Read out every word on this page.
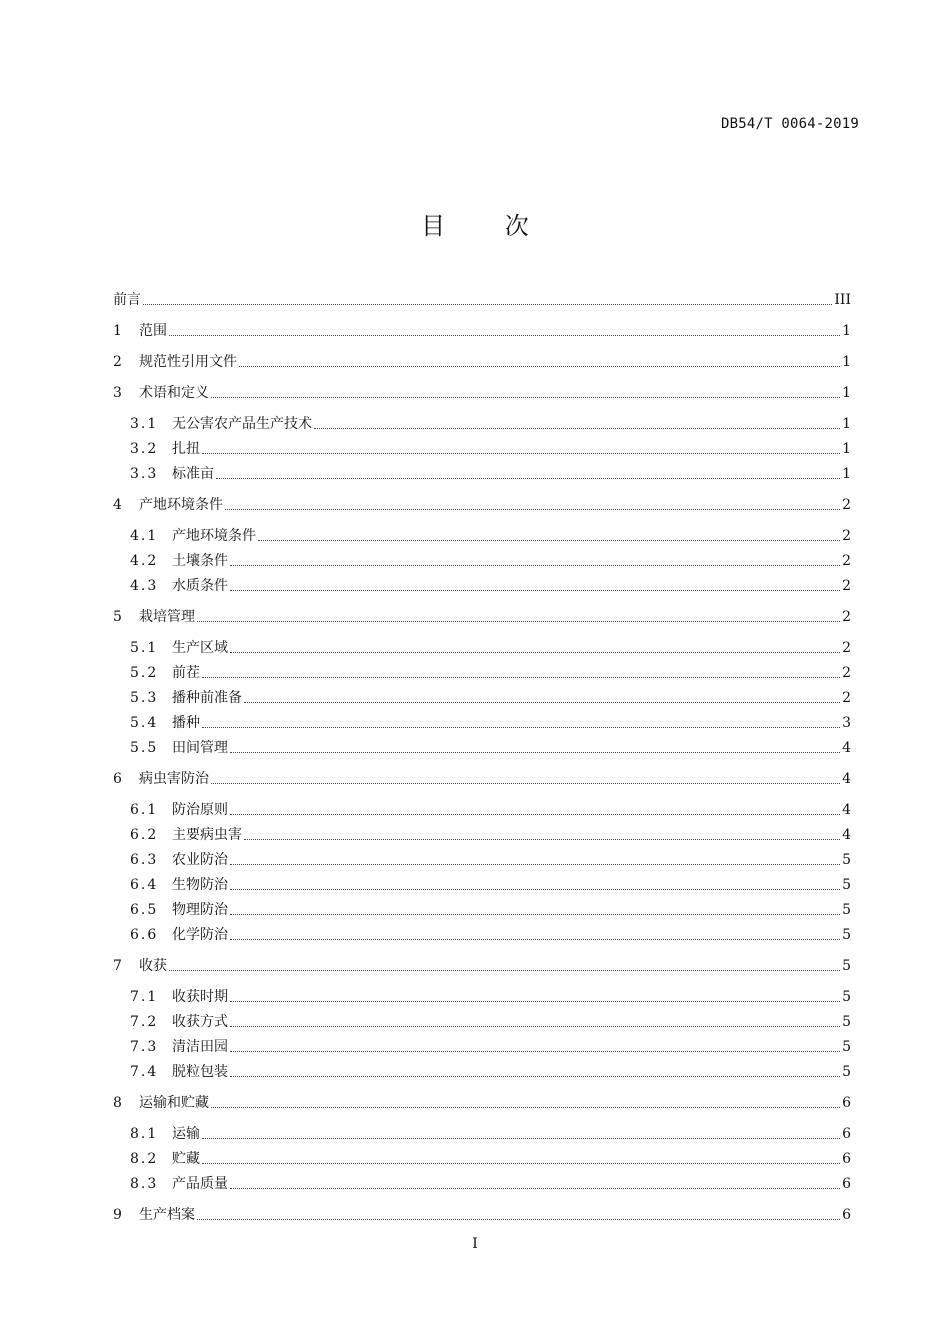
DB54/T 0064-2019
目 次
前言	III
1	范围	1
2	规范性引用文件	1
3	术语和定义	1
3.1 无公害农产品生产技术	1
3.2 扎扭	1
3.3 标准亩	1
4	产地环境条件	2
4.1 产地环境条件	2
4.2 土壤条件	2
4.3 水质条件	2
5	栽培管理	2
5.1 生产区域	2
5.2 前茬	2
5.3 播种前准备	2
5.4 播种	3
5.5 田间管理	4
6	病虫害防治	4
6.1 防治原则	4
6.2 主要病虫害	4
6.3 农业防治	5
6.4 生物防治	5
6.5 物理防治	5
6.6 化学防治	5
7	收获	5
7.1 收获时期	5
7.2 收获方式	5
7.3 清洁田园	5
7.4 脱粒包装	5
8	运输和贮藏	6
8.1 运输	6
8.2 贮藏	6
8.3 产品质量	6
9	生产档案	6
I
